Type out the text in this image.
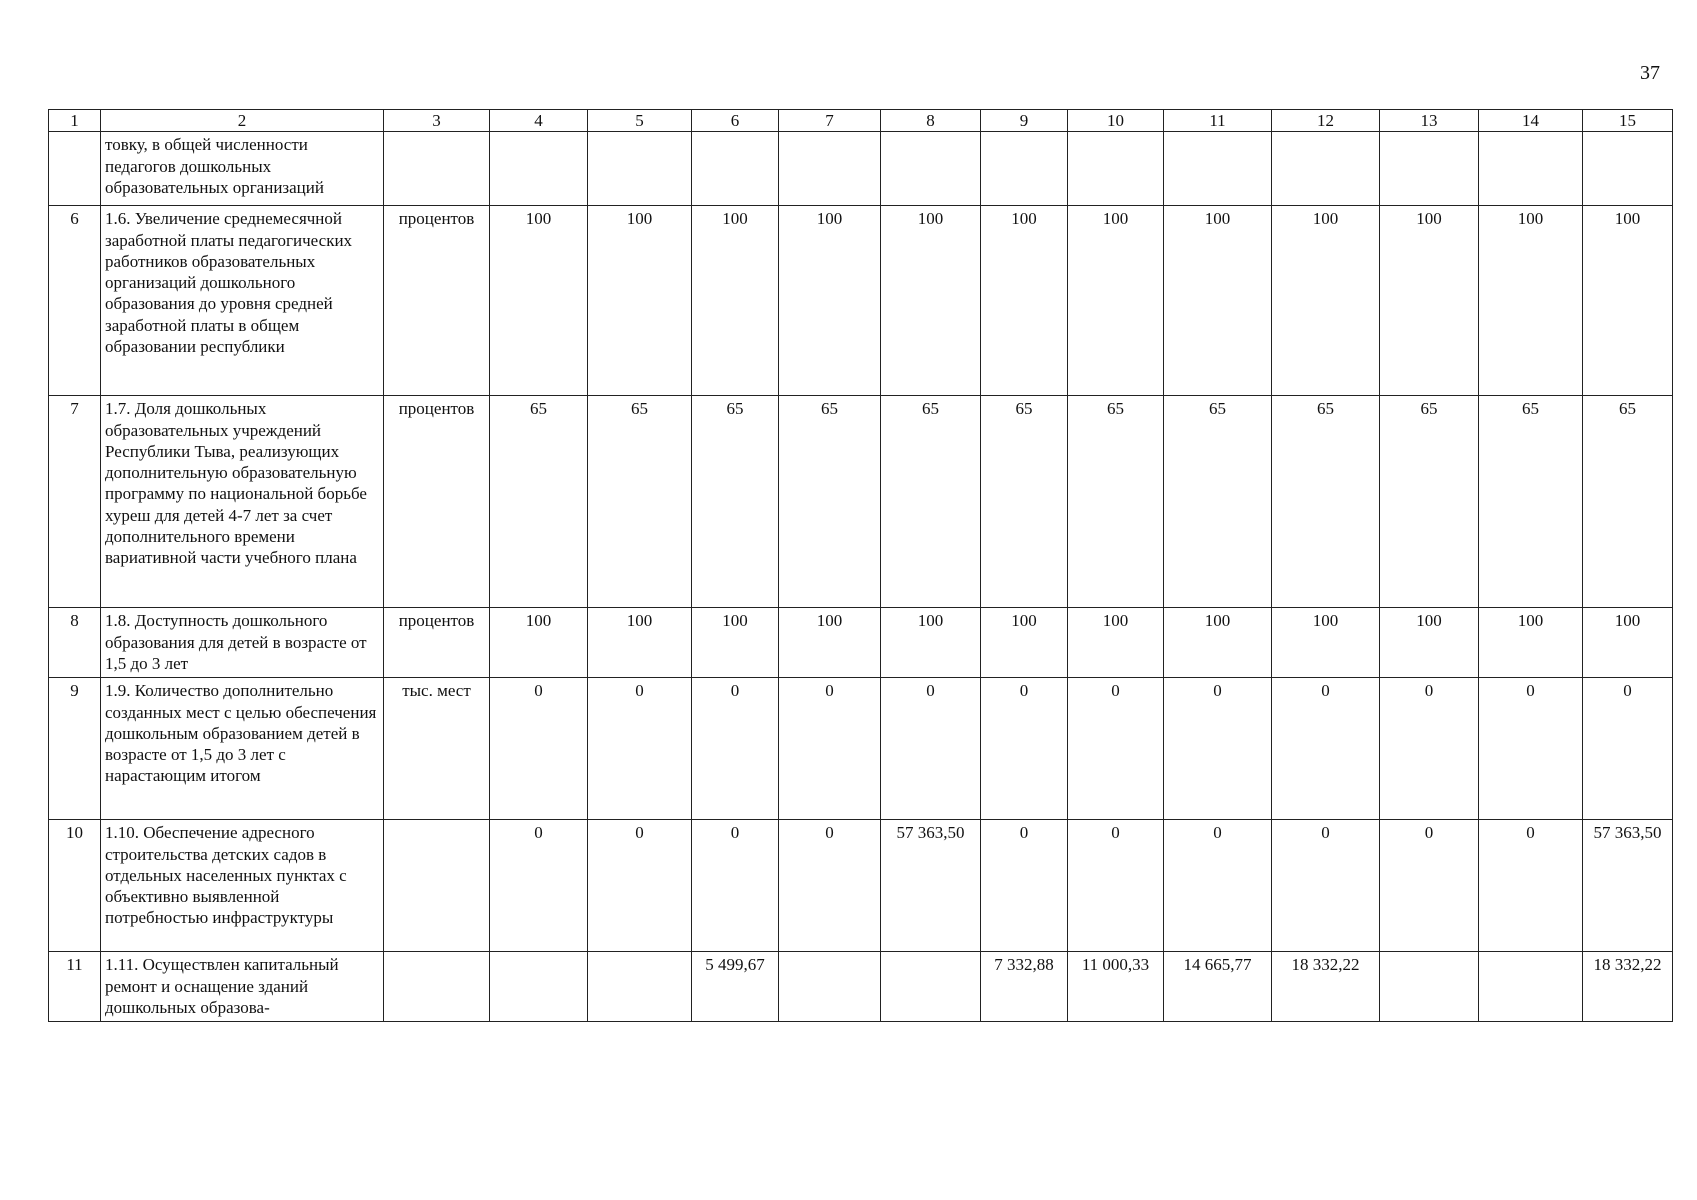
37
1	2	3	4	5	6	7	8	9	10	11	12	13	14	15
	товку, в общей численности педагогов дошкольных образовательных организаций													
6	1.6. Увеличение среднемесячной заработной платы педагогических работников образовательных организаций дошкольного образования до уровня средней заработной платы в общем образовании республики	процентов	100	100	100	100	100	100	100	100	100	100	100	100
7	1.7. Доля дошкольных образовательных учреждений Республики Тыва, реализующих дополнительную образовательную программу по национальной борьбе хуреш для детей 4-7 лет за счет дополнительного времени вариативной части учебного плана	процентов	65	65	65	65	65	65	65	65	65	65	65	65
8	1.8. Доступность дошкольного образования для детей в возрасте от 1,5 до 3 лет	процентов	100	100	100	100	100	100	100	100	100	100	100	100
9	1.9. Количество дополнительно созданных мест с целью обеспечения дошкольным образованием детей в возрасте от 1,5 до 3 лет с нарастающим итогом	тыс. мест	0	0	0	0	0	0	0	0	0	0	0	0
10	1.10. Обеспечение адресного строительства детских садов в отдельных населенных пунктах с объективно выявленной потребностью инфраструктуры		0	0	0	0	57 363,50	0	0	0	0	0	0	57 363,50
11	1.11. Осуществлен капитальный ремонт и оснащение зданий дошкольных образова-				5 499,67			7 332,88	11 000,33	14 665,77	18 332,22			18 332,22
